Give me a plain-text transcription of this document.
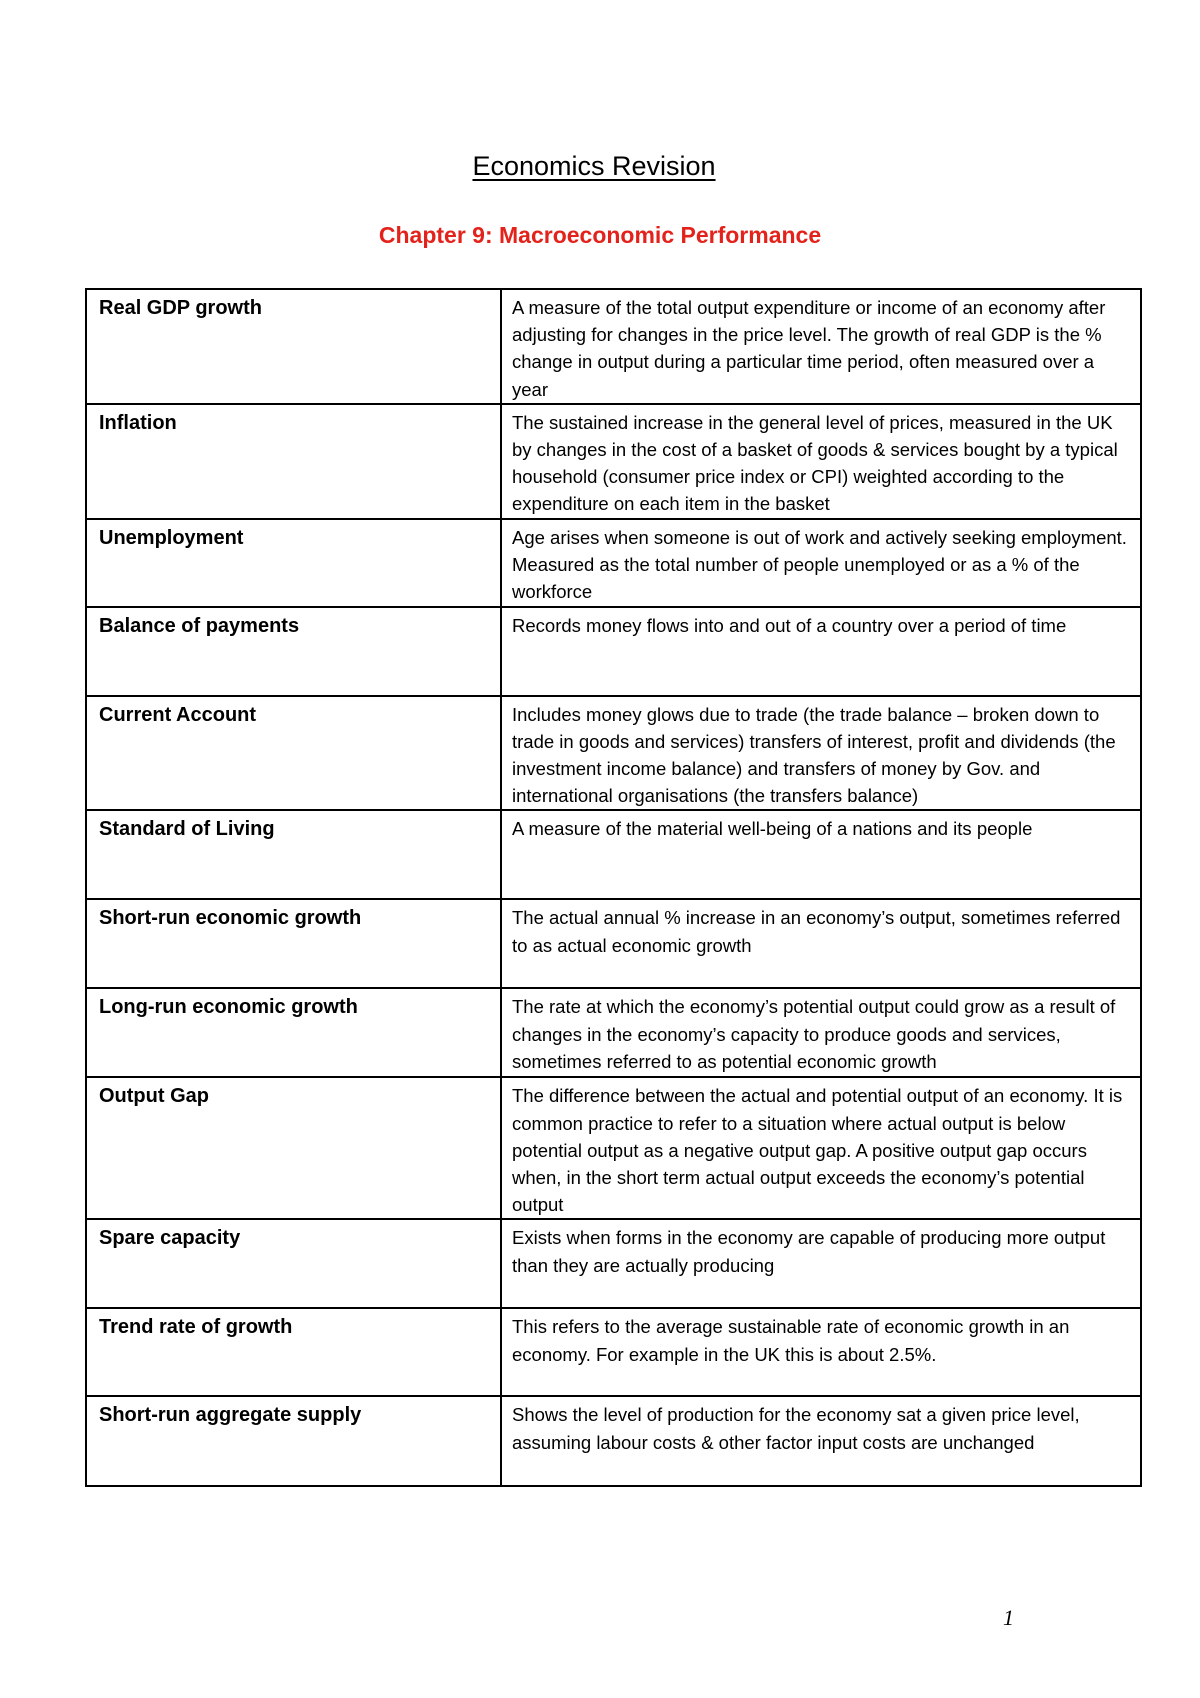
Economics Revision
Chapter 9: Macroeconomic Performance
Real GDP growth	A measure of the total output expenditure or income of an economy after adjusting for changes in the price level. The growth of real GDP is the % change in output during a particular time period, often measured over a year
Inflation	The sustained increase in the general level of prices, measured in the UK by changes in the cost of a basket of goods & services bought by a typical household (consumer price index or CPI) weighted according to the expenditure on each item in the basket
Unemployment	Age arises when someone is out of work and actively seeking employment. Measured as the total number of people unemployed or as a % of the workforce
Balance of payments	Records money flows into and out of a country over a period of time
Current Account	Includes money glows due to trade (the trade balance – broken down to trade in goods and services) transfers of interest, profit and dividends (the investment income balance) and transfers of money by Gov. and international organisations (the transfers balance)
Standard of Living	A measure of the material well-being of a nations and its people
Short-run economic growth	The actual annual % increase in an economy’s output, sometimes referred to as actual economic growth
Long-run economic growth	The rate at which the economy’s potential output could grow as a result of changes in the economy’s capacity to produce goods and services, sometimes referred to as potential economic growth
Output Gap	The difference between the actual and potential output of an economy. It is common practice to refer to a situation where actual output is below potential output as a negative output gap. A positive output gap occurs when, in the short term actual output exceeds the economy’s potential output
Spare capacity	Exists when forms in the economy are capable of producing more output than they are actually producing
Trend rate of growth	This refers to the average sustainable rate of economic growth in an economy. For example in the UK this is about 2.5%.
Short-run aggregate supply	Shows the level of production for the economy sat a given price level, assuming labour costs & other factor input costs are unchanged
1
